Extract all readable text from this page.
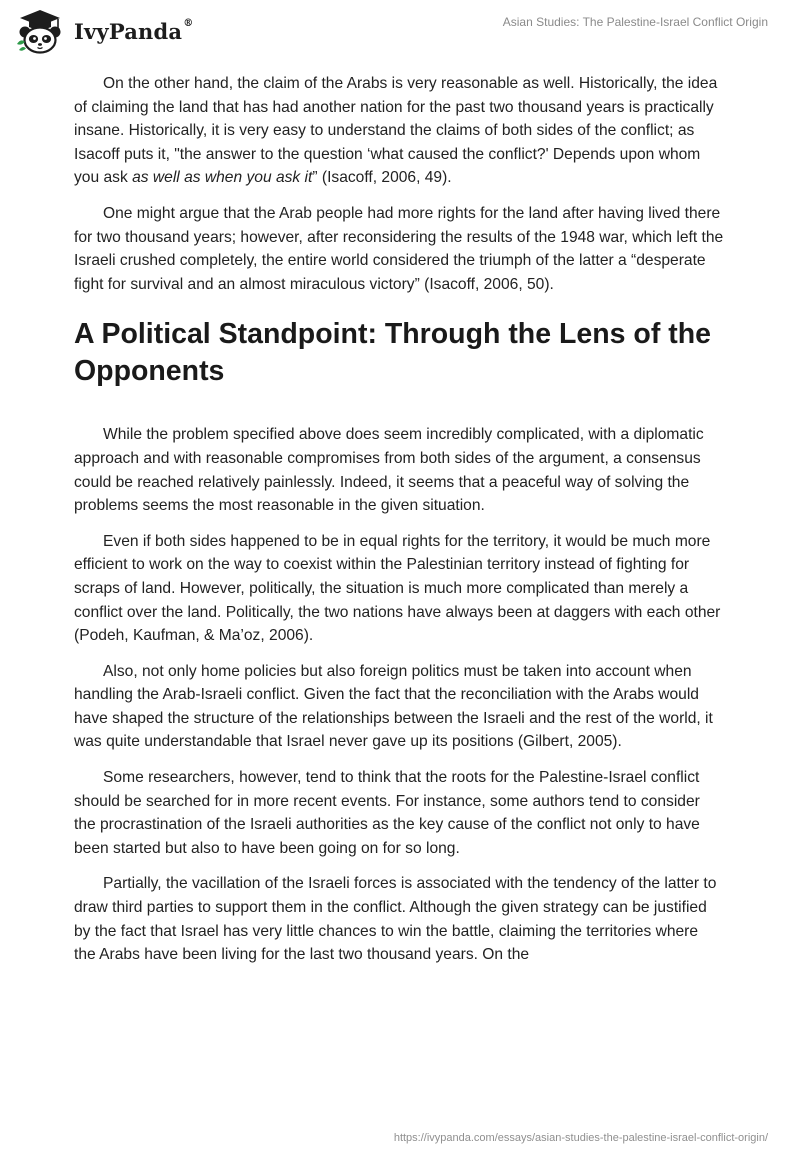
IvyPanda®	Asian Studies: The Palestine-Israel Conflict Origin

On the other hand, the claim of the Arabs is very reasonable as well. Historically, the idea of claiming the land that has had another nation for the past two thousand years is practically insane. Historically, it is very easy to understand the claims of both sides of the conflict; as Isacoff puts it, "the answer to the question ‘what caused the conflict?' Depends upon whom you ask as well as when you ask it” (Isacoff, 2006, 49).

One might argue that the Arab people had more rights for the land after having lived there for two thousand years; however, after reconsidering the results of the 1948 war, which left the Israeli crushed completely, the entire world considered the triumph of the latter a “desperate fight for survival and an almost miraculous victory” (Isacoff, 2006, 50).

A Political Standpoint: Through the Lens of the Opponents

While the problem specified above does seem incredibly complicated, with a diplomatic approach and with reasonable compromises from both sides of the argument, a consensus could be reached relatively painlessly. Indeed, it seems that a peaceful way of solving the problems seems the most reasonable in the given situation.

Even if both sides happened to be in equal rights for the territory, it would be much more efficient to work on the way to coexist within the Palestinian territory instead of fighting for scraps of land. However, politically, the situation is much more complicated than merely a conflict over the land. Politically, the two nations have always been at daggers with each other (Podeh, Kaufman, & Ma’oz, 2006).

Also, not only home policies but also foreign politics must be taken into account when handling the Arab-Israeli conflict. Given the fact that the reconciliation with the Arabs would have shaped the structure of the relationships between the Israeli and the rest of the world, it was quite understandable that Israel never gave up its positions (Gilbert, 2005).

Some researchers, however, tend to think that the roots for the Palestine-Israel conflict should be searched for in more recent events. For instance, some authors tend to consider the procrastination of the Israeli authorities as the key cause of the conflict not only to have been started but also to have been going on for so long.

Partially, the vacillation of the Israeli forces is associated with the tendency of the latter to draw third parties to support them in the conflict. Although the given strategy can be justified by the fact that Israel has very little chances to win the battle, claiming the territories where the Arabs have been living for the last two thousand years. On the

https://ivypanda.com/essays/asian-studies-the-palestine-israel-conflict-origin/
